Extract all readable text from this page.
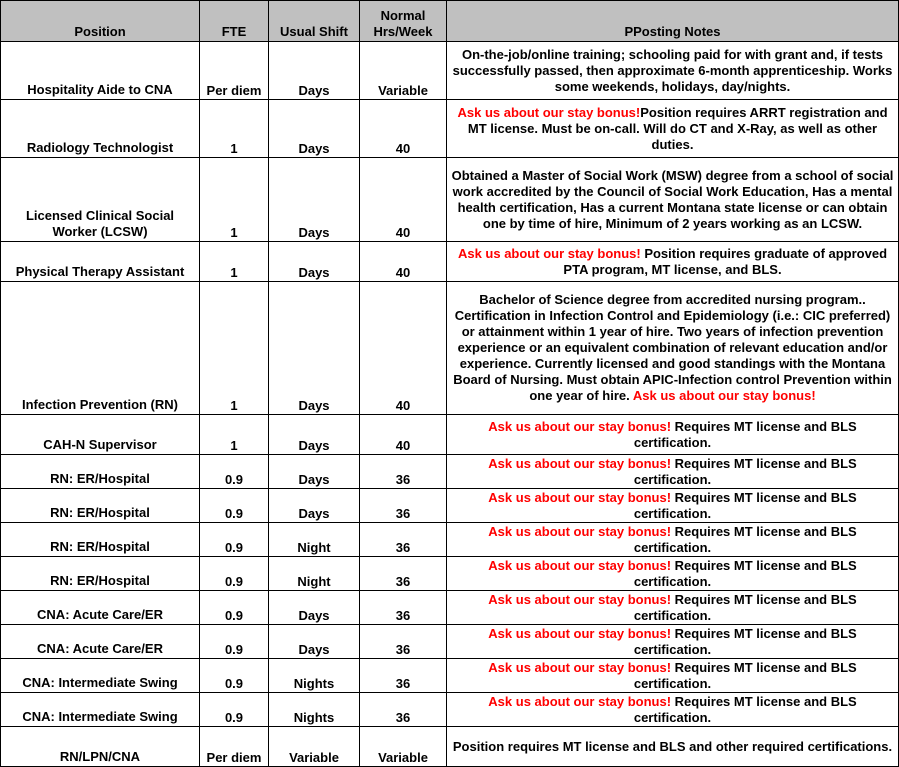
Position	FTE	Usual Shift	Normal Hrs/Week	PPosting Notes
Hospitality Aide to CNA	Per diem	Days	Variable	On-the-job/online training; schooling paid for with grant and, if tests successfully passed, then approximate 6-month apprenticeship. Works some weekends, holidays, day/nights.
Radiology Technologist	1	Days	40	Ask us about our stay bonus!Position requires ARRT registration and MT license. Must be on-call. Will do CT and X-Ray, as well as other duties.
Licensed Clinical Social Worker (LCSW)	1	Days	40	Obtained a Master of Social Work (MSW) degree from a school of social work accredited by the Council of Social Work Education, Has a mental health certification, Has a current Montana state license or can obtain one by time of hire, Minimum of 2 years working as an LCSW.
Physical Therapy Assistant	1	Days	40	Ask us about our stay bonus! Position requires graduate of approved PTA program, MT license, and BLS.
Infection Prevention (RN)	1	Days	40	Bachelor of Science degree from accredited nursing program.. Certification in Infection Control and Epidemiology (i.e.: CIC preferred) or attainment within 1 year of hire. Two years of infection prevention experience or an equivalent combination of relevant education and/or experience. Currently licensed and good standings with the Montana Board of Nursing. Must obtain APIC-Infection control Prevention within one year of hire. Ask us about our stay bonus!
CAH-N Supervisor	1	Days	40	Ask us about our stay bonus! Requires MT license and BLS certification.
RN: ER/Hospital	0.9	Days	36	Ask us about our stay bonus! Requires MT license and BLS certification.
RN: ER/Hospital	0.9	Days	36	Ask us about our stay bonus! Requires MT license and BLS certification.
RN: ER/Hospital	0.9	Night	36	Ask us about our stay bonus! Requires MT license and BLS certification.
RN: ER/Hospital	0.9	Night	36	Ask us about our stay bonus! Requires MT license and BLS certification.
CNA: Acute Care/ER	0.9	Days	36	Ask us about our stay bonus! Requires MT license and BLS certification.
CNA: Acute Care/ER	0.9	Days	36	Ask us about our stay bonus! Requires MT license and BLS certification.
CNA: Intermediate Swing	0.9	Nights	36	Ask us about our stay bonus! Requires MT license and BLS certification.
CNA: Intermediate Swing	0.9	Nights	36	Ask us about our stay bonus! Requires MT license and BLS certification.
RN/LPN/CNA	Per diem	Variable	Variable	Position requires MT license and BLS and other required certifications.
